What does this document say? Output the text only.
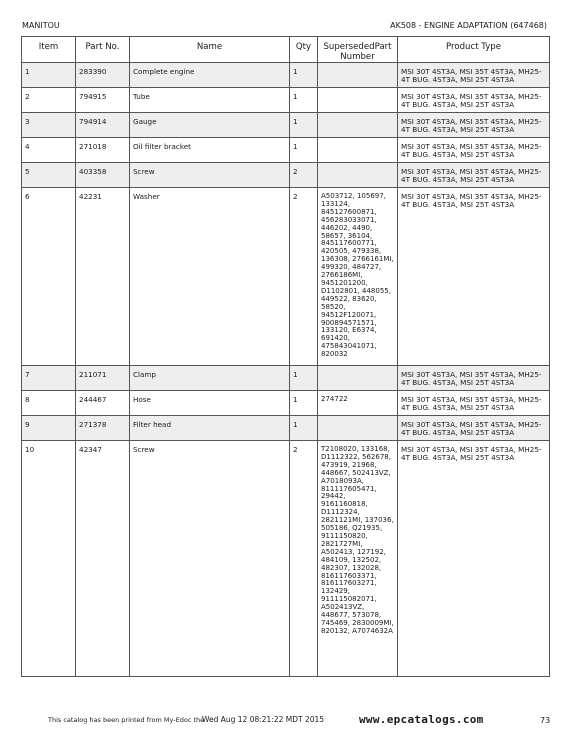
MANITOU	AK508 - ENGINE ADAPTATION (647468)
Item	Part No.	Name	Qty	SupersededPartNumber	Product Type
1	283390	Complete engine	1		MSI 30T 4ST3A, MSI 35T 4ST3A, MH25-4T BUG. 4ST3A, MSI 25T 4ST3A
2	794915	Tube	1		MSI 30T 4ST3A, MSI 35T 4ST3A, MH25-4T BUG. 4ST3A, MSI 25T 4ST3A
3	794914	Gauge	1		MSI 30T 4ST3A, MSI 35T 4ST3A, MH25-4T BUG. 4ST3A, MSI 25T 4ST3A
4	271018	Oil filter bracket	1		MSI 30T 4ST3A, MSI 35T 4ST3A, MH25-4T BUG. 4ST3A, MSI 25T 4ST3A
5	403358	Screw	2		MSI 30T 4ST3A, MSI 35T 4ST3A, MH25-4T BUG. 4ST3A, MSI 25T 4ST3A
6	42231	Washer	2	A503712, 105697, 133124, 845127600871, 456283033071, 446202, 4490, 58657, 36104, 845117600771, 420505, 479338, 136308, 2766161MI, 499320, 484727, 2766186MI, 9451201200, D1102801, 448055, 449522, 83620, 58520, 94512F120071, 900894571571, 133120, E6374, 691420, 475843041071, 820032	MSI 30T 4ST3A, MSI 35T 4ST3A, MH25-4T BUG. 4ST3A, MSI 25T 4ST3A
7	211071	Clamp	1		MSI 30T 4ST3A, MSI 35T 4ST3A, MH25-4T BUG. 4ST3A, MSI 25T 4ST3A
8	244467	Hose	1	274722	MSI 30T 4ST3A, MSI 35T 4ST3A, MH25-4T BUG. 4ST3A, MSI 25T 4ST3A
9	271378	Filter head	1		MSI 30T 4ST3A, MSI 35T 4ST3A, MH25-4T BUG. 4ST3A, MSI 25T 4ST3A
10	42347	Screw	2	T2108020, 133168, D1112322, 562678, 473919, 21968, 448667, 502413VZ, A7018093A, 811117605471, 29442, 9161160818, D1112324, 2821121MI, 137036, 505186, Q21935, 9111150820, 2821727MI, A502413, 127192, 484109, 132502, 482307, 132028, 816117603371, 816117603271, 132429, 911115082071, A502413VZ, 448677, 573078, 745469, 2830009MI, 820132, A7074632A	MSI 30T 4ST3A, MSI 35T 4ST3A, MH25-4T BUG. 4ST3A, MSI 25T 4ST3A
This catalog has been printed from My-Edoc the
Wed Aug 12 08:21:22 MDT 2015	www.epcatalogs.com	73
